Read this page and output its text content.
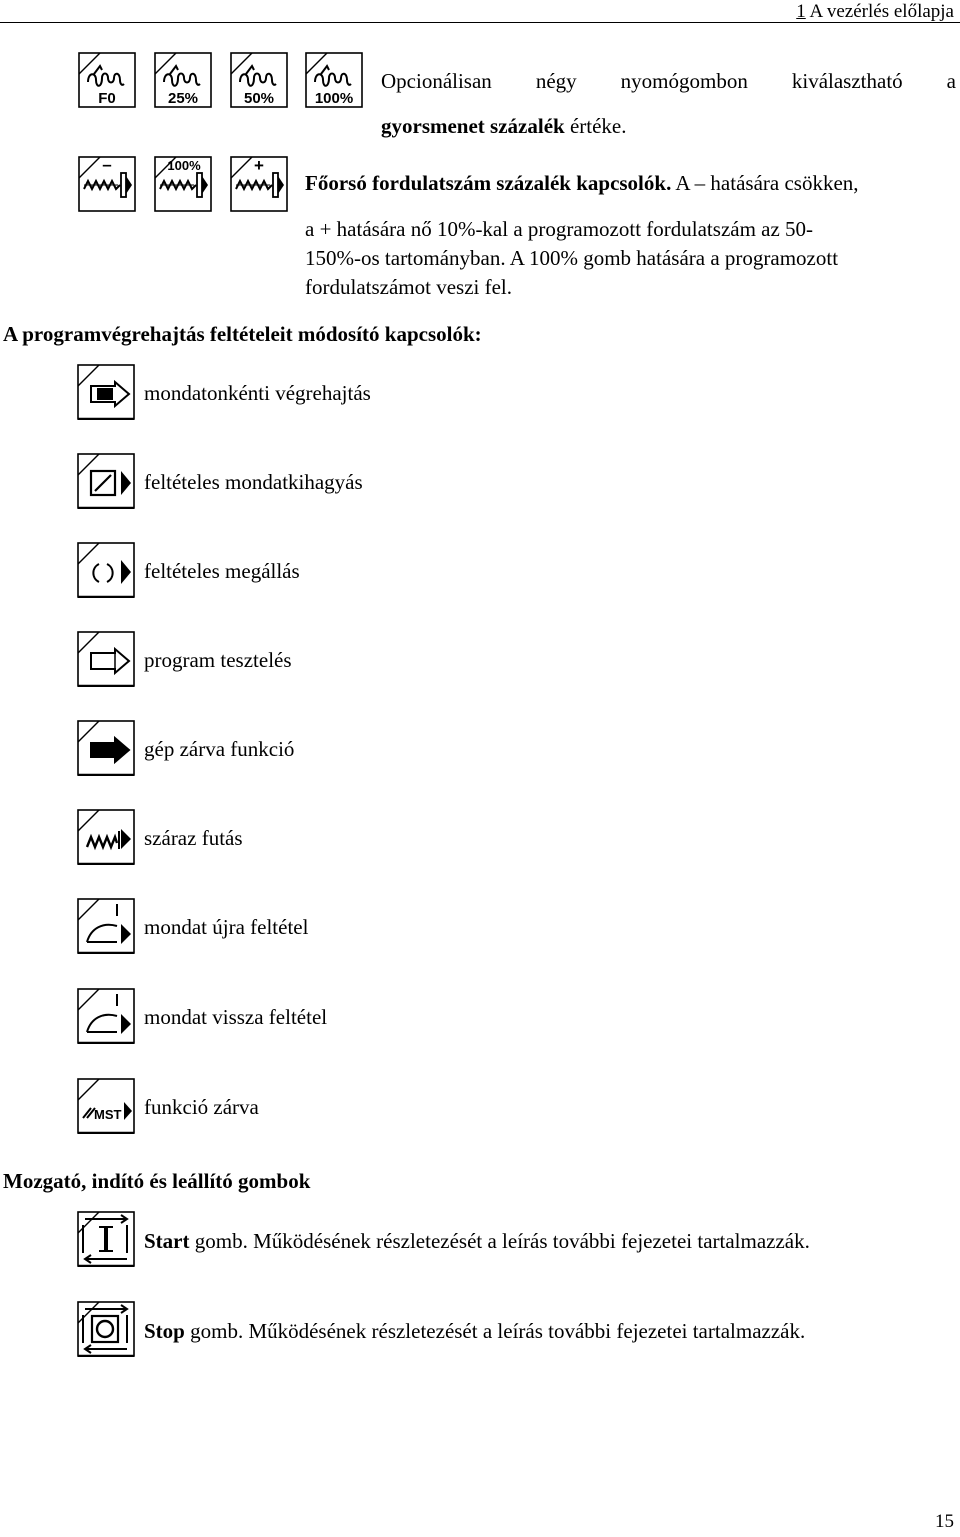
1 A vezérlés előlapja
F0	25%	50%	100%
Opcionálisan négy nyomógombon kiválasztható a
gyorsmenet százalék értéke.
–	100%	+
Főorsó fordulatszám százalék kapcsolók. A – hatására csökken,
a + hatására nő 10%-kal a programozott fordulatszám az 50-
150%-os tartományban. A 100% gomb hatására a programozott
fordulatszámot veszi fel.
A programvégrehajtás feltételeit módosító kapcsolók:
mondatonkénti végrehajtás
feltételes mondatkihagyás
feltételes megállás
program tesztelés
gép zárva funkció
száraz futás
mondat újra feltétel
mondat vissza feltétel
MST funkció zárva
Mozgató, indító és leállító gombok
Start gomb. Működésének részletezését a leírás további fejezetei tartalmazzák.
Stop gomb. Működésének részletezését a leírás további fejezetei tartalmazzák.
15
